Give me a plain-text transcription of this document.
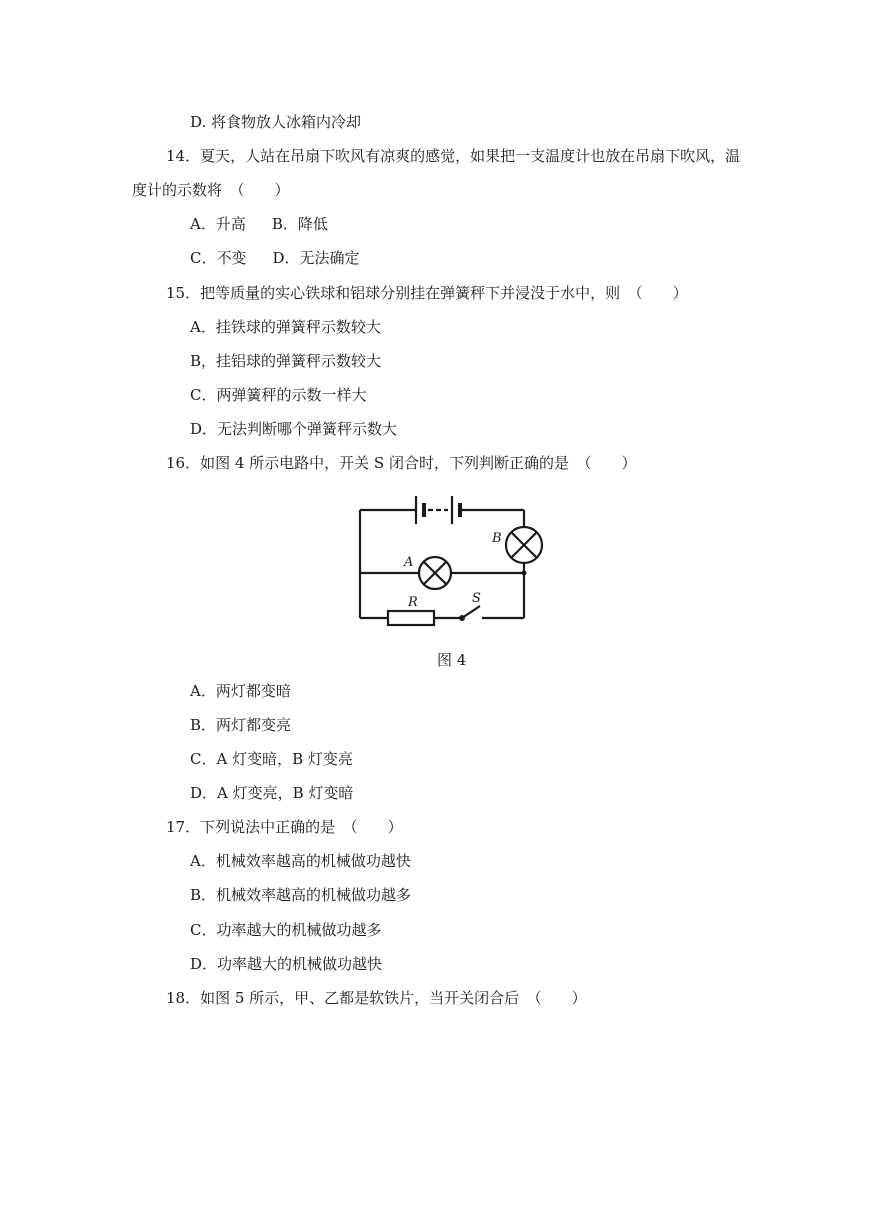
D. 将食物放人冰箱内冷却
14．夏天，人站在吊扇下吹风有凉爽的感觉，如果把一支温度计也放在吊扇下吹风，温
度计的示数将　（　　）
A．升高 B．降低
C．不变 D．无法确定
15．把等质量的实心铁球和铝球分别挂在弹簧秤下并浸没于水中，则　（　　）
A．挂铁球的弹簧秤示数较大
B，挂铝球的弹簧秤示数较大
C．两弹簧秤的示数一样大
D．无法判断哪个弹簧秤示数大
16．如图 4 所示电路中，开关 S 闭合时，下列判断正确的是　（　　）
B
A
R	S
图 4
A．两灯都变暗
B．两灯都变亮
C．A 灯变暗，B 灯变亮
D．A 灯变亮，B 灯变暗
17．下列说法中正确的是　（　　）
A．机械效率越高的机械做功越快
B．机械效率越高的机械做功越多
C．功率越大的机械做功越多
D．功率越大的机械做功越快
18．如图 5 所示，甲、乙都是软铁片，当开关闭合后　（　　）
